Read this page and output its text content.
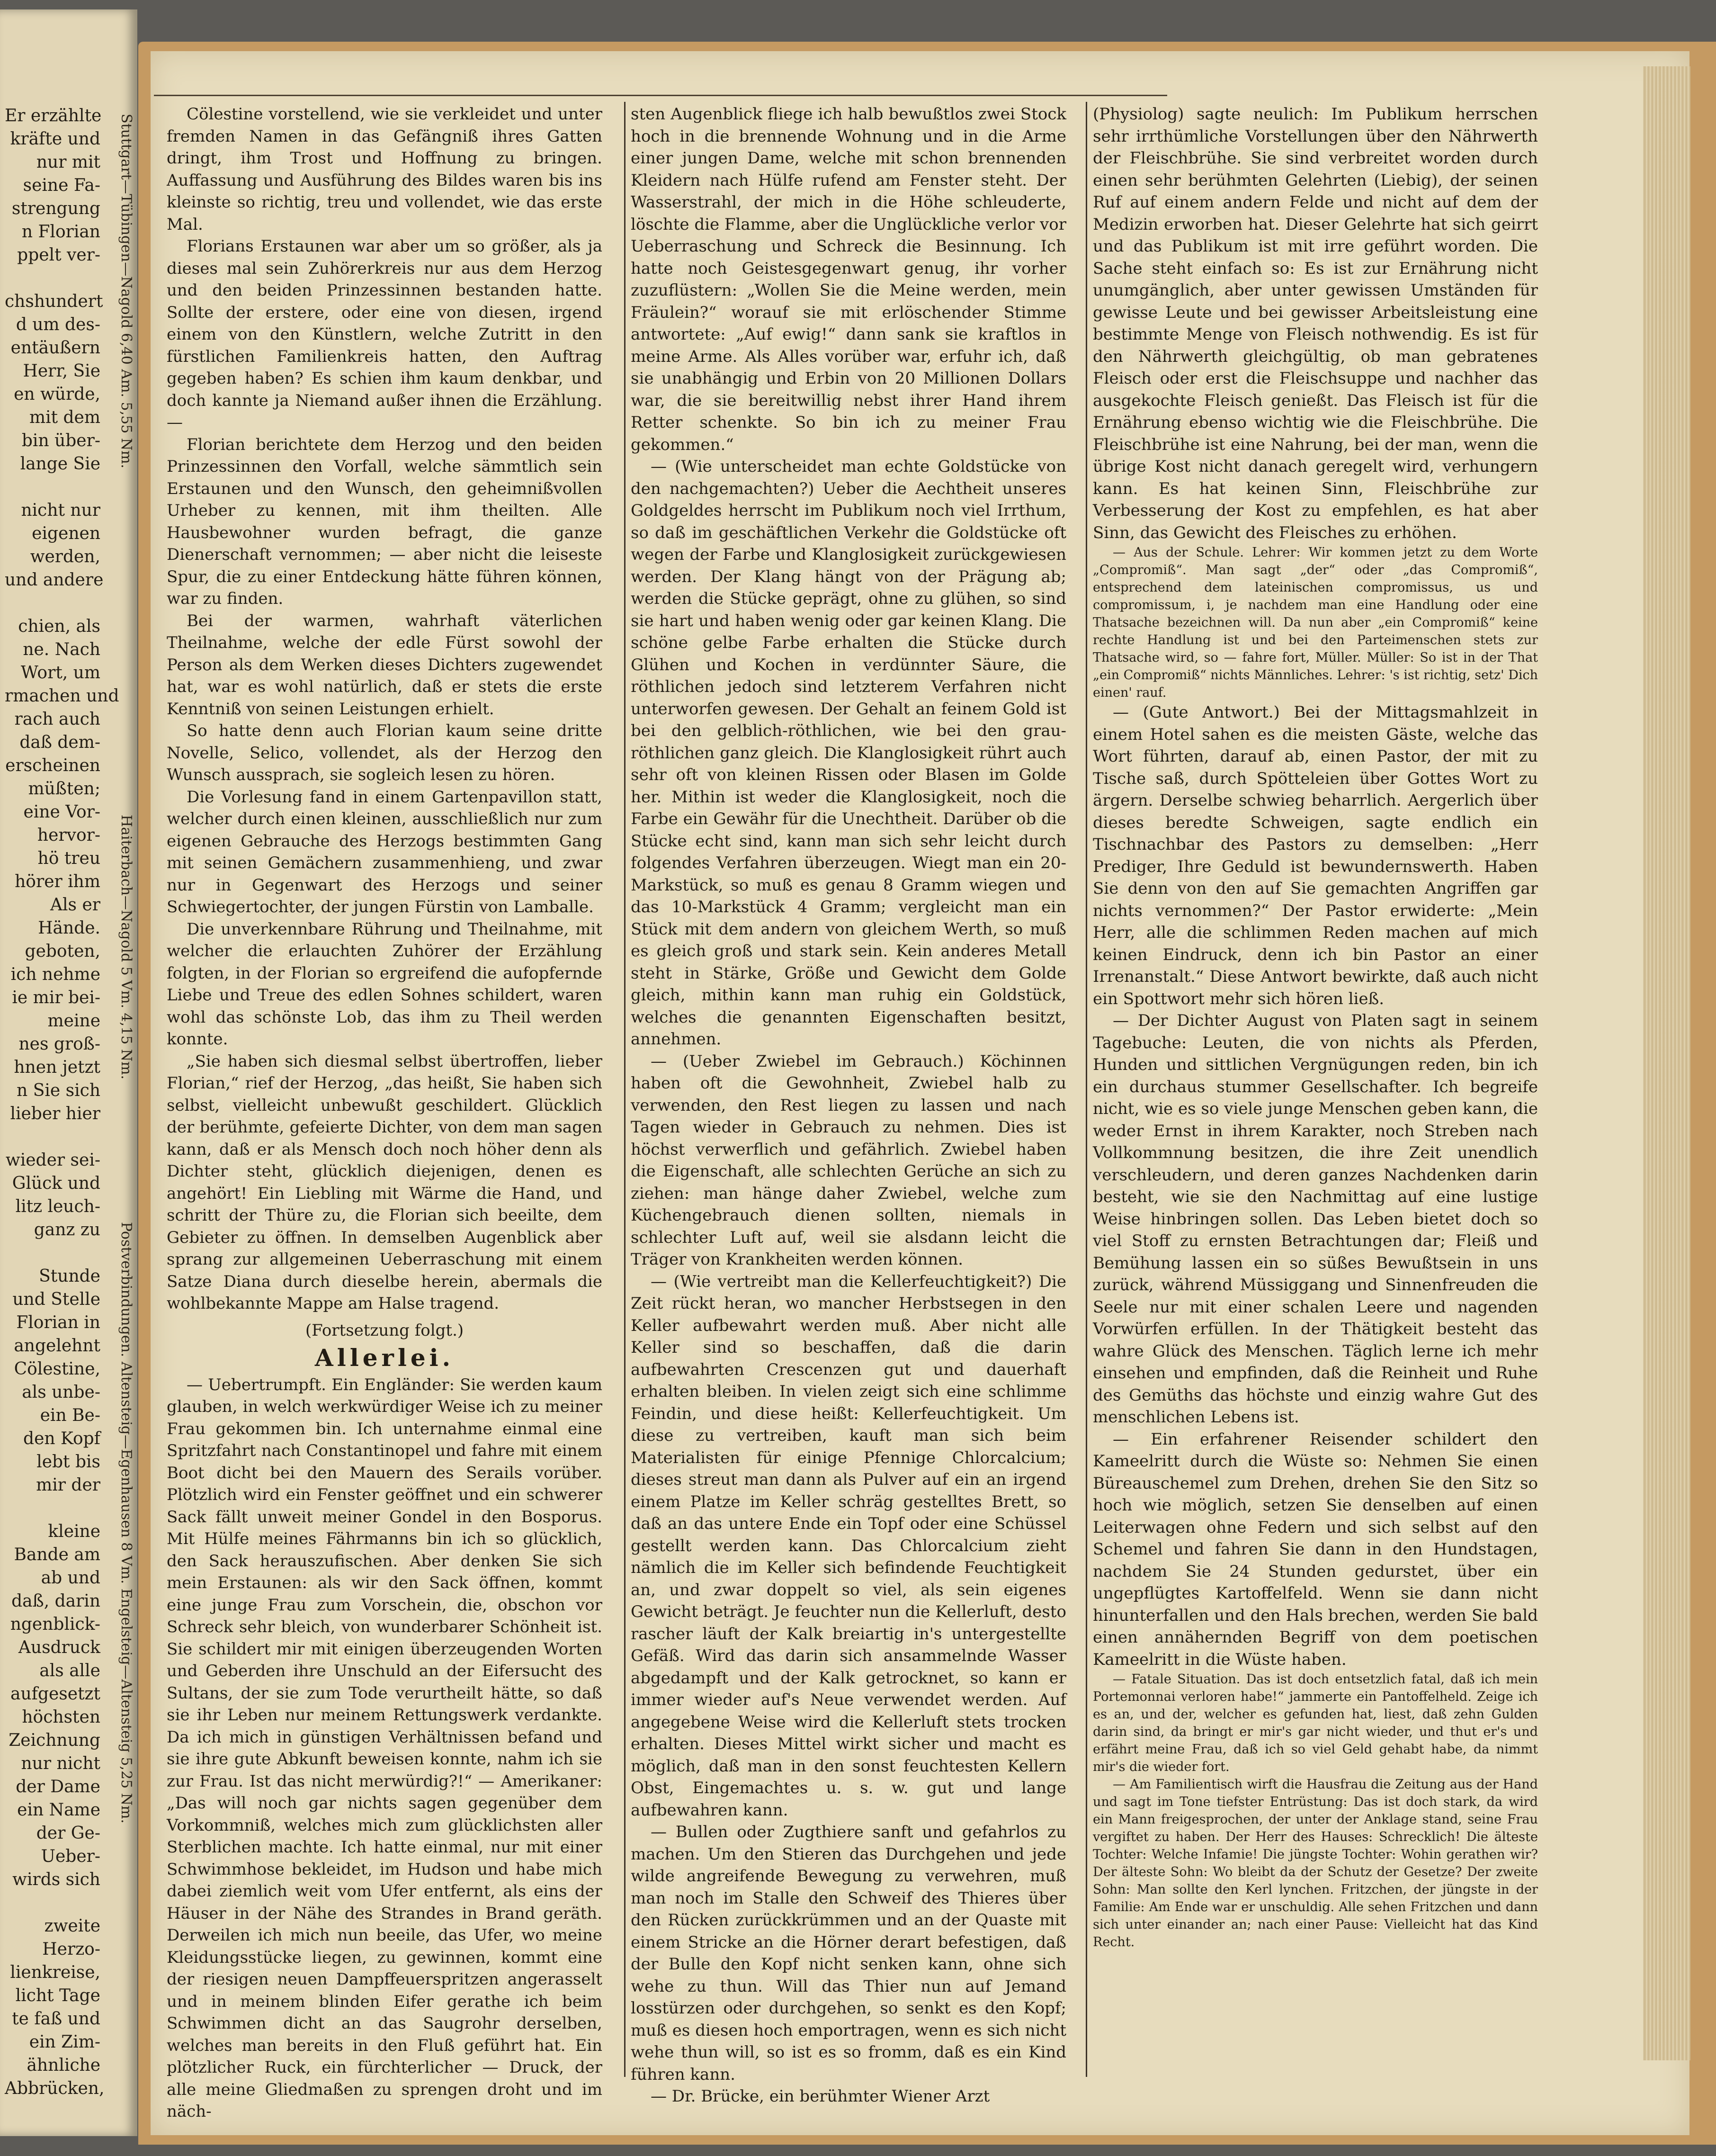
Er erzählte
kräfte und
nur mit
seine Fa-
strengung
n Florian
ppelt ver-
chshundert
d um des-
entäußern
Herr, Sie
en würde,
mit dem
bin über-
lange Sie
nicht nur
eigenen
werden,
und andere
chien, als
ne. Nach
Wort, um
rmachen und
rach auch
daß dem-
erscheinen
müßten;
eine Vor-
hervor-
hö treu
hörer ihm
Als er
Hände.
geboten,
ich nehme
ie mir bei-
meine
nes groß-
hnen jetzt
n Sie sich
lieber hier
wieder sei-
Glück und
litz leuch-
ganz zu
Stunde
und Stelle
Florian in
angelehnt
Cölestine,
als unbe-
ein Be-
den Kopf
lebt bis
mir der
kleine
Bande am
ab und
daß, darin
ngenblick-
Ausdruck
als alle
aufgesetzt
höchsten
Zeichnung
nur nicht
der Dame
ein Name
der Ge-
Ueber-
wirds sich
zweite
Herzo-
lienkreise,
licht Tage
te faß und
ein Zim-
ähnliche
Abbrücken,
Stuttgart—Tübingen—Nagold 6,40 Am. 5,55 Nm.
Haiterbach—Nagold 5 Vm. 4,15 Nm.
Postverbindungen. Altensteig—Egenhausen 8 Vm. Engelsteig—Altensteig 5,25 Nm.

Cölestine vorstellend, wie sie verkleidet und unter fremden Namen in das Gefängniß ihres Gatten dringt, ihm Trost und Hoffnung zu bringen. Auffassung und Ausführung des Bildes waren bis ins kleinste so richtig, treu und vollendet, wie das erste Mal.

Florians Erstaunen war aber um so größer, als ja dieses mal sein Zuhörerkreis nur aus dem Herzog und den beiden Prinzessinnen bestanden hatte. Sollte der erstere, oder eine von diesen, irgend einem von den Künstlern, welche Zutritt in den fürstlichen Familienkreis hatten, den Auftrag gegeben haben? Es schien ihm kaum denkbar, und doch kannte ja Niemand außer ihnen die Erzählung. —

Florian berichtete dem Herzog und den beiden Prinzessinnen den Vorfall, welche sämmtlich sein Erstaunen und den Wunsch, den geheimnißvollen Urheber zu kennen, mit ihm theilten. Alle Hausbewohner wurden befragt, die ganze Dienerschaft vernommen; — aber nicht die leiseste Spur, die zu einer Entdeckung hätte führen können, war zu finden.

Bei der warmen, wahrhaft väterlichen Theilnahme, welche der edle Fürst sowohl der Person als dem Werken dieses Dichters zugewendet hat, war es wohl natürlich, daß er stets die erste Kenntniß von seinen Leistungen erhielt.

So hatte denn auch Florian kaum seine dritte Novelle, Selico, vollendet, als der Herzog den Wunsch aussprach, sie sogleich lesen zu hören.

Die Vorlesung fand in einem Gartenpavillon statt, welcher durch einen kleinen, ausschließlich nur zum eigenen Gebrauche des Herzogs bestimmten Gang mit seinen Gemächern zusammenhieng, und zwar nur in Gegenwart des Herzogs und seiner Schwiegertochter, der jungen Fürstin von Lamballe.

Die unverkennbare Rührung und Theilnahme, mit welcher die erlauchten Zuhörer der Erzählung folgten, in der Florian so ergreifend die aufopfernde Liebe und Treue des edlen Sohnes schildert, waren wohl das schönste Lob, das ihm zu Theil werden konnte.

„Sie haben sich diesmal selbst übertroffen, lieber Florian,“ rief der Herzog, „das heißt, Sie haben sich selbst, vielleicht unbewußt geschildert. Glücklich der berühmte, gefeierte Dichter, von dem man sagen kann, daß er als Mensch doch noch höher denn als Dichter steht, glücklich diejenigen, denen es angehört! Ein Liebling mit Wärme die Hand, und schritt der Thüre zu, die Florian sich beeilte, dem Gebieter zu öffnen. In demselben Augenblick aber sprang zur allgemeinen Ueberraschung mit einem Satze Diana durch dieselbe herein, abermals die wohlbekannte Mappe am Halse tragend.

(Fortsetzung folgt.)

Allerlei.

— Uebertrumpft. Ein Engländer: Sie werden kaum glauben, in welch werkwürdiger Weise ich zu meiner Frau gekommen bin. Ich unternahme einmal eine Spritzfahrt nach Constantinopel und fahre mit einem Boot dicht bei den Mauern des Serails vorüber. Plötzlich wird ein Fenster geöffnet und ein schwerer Sack fällt unweit meiner Gondel in den Bosporus. Mit Hülfe meines Fährmanns bin ich so glücklich, den Sack herauszufischen. Aber denken Sie sich mein Erstaunen: als wir den Sack öffnen, kommt eine junge Frau zum Vorschein, die, obschon vor Schreck sehr bleich, von wunderbarer Schönheit ist. Sie schildert mir mit einigen überzeugenden Worten und Geberden ihre Unschuld an der Eifersucht des Sultans, der sie zum Tode verurtheilt hätte, so daß sie ihr Leben nur meinem Rettungswerk verdankte. Da ich mich in günstigen Verhältnissen befand und sie ihre gute Abkunft beweisen konnte, nahm ich sie zur Frau. Ist das nicht merwürdig?!“ — Amerikaner: „Das will noch gar nichts sagen gegenüber dem Vorkommniß, welches mich zum glücklichsten aller Sterblichen machte. Ich hatte einmal, nur mit einer Schwimmhose bekleidet, im Hudson und habe mich dabei ziemlich weit vom Ufer entfernt, als eins der Häuser in der Nähe des Strandes in Brand geräth. Derweilen ich mich nun beeile, das Ufer, wo meine Kleidungsstücke liegen, zu gewinnen, kommt eine der riesigen neuen Dampffeuerspritzen angerasselt und in meinem blinden Eifer gerathe ich beim Schwimmen dicht an das Saugrohr derselben, welches man bereits in den Fluß geführt hat. Ein plötzlicher Ruck, ein fürchterlicher — Druck, der alle meine Gliedmaßen zu sprengen droht und im näch-

sten Augenblick fliege ich halb bewußtlos zwei Stock hoch in die brennende Wohnung und in die Arme einer jungen Dame, welche mit schon brennenden Kleidern nach Hülfe rufend am Fenster steht. Der Wasserstrahl, der mich in die Höhe schleuderte, löschte die Flamme, aber die Unglückliche verlor vor Ueberraschung und Schreck die Besinnung. Ich hatte noch Geistesgegenwart genug, ihr vorher zuzuflüstern: „Wollen Sie die Meine werden, mein Fräulein?“ worauf sie mit erlöschender Stimme antwortete: „Auf ewig!“ dann sank sie kraftlos in meine Arme. Als Alles vorüber war, erfuhr ich, daß sie unabhängig und Erbin von 20 Millionen Dollars war, die sie bereitwillig nebst ihrer Hand ihrem Retter schenkte. So bin ich zu meiner Frau gekommen.“

— (Wie unterscheidet man echte Goldstücke von den nachgemachten?) Ueber die Aechtheit unseres Goldgeldes herrscht im Publikum noch viel Irrthum, so daß im geschäftlichen Verkehr die Goldstücke oft wegen der Farbe und Klanglosigkeit zurückgewiesen werden. Der Klang hängt von der Prägung ab; werden die Stücke geprägt, ohne zu glühen, so sind sie hart und haben wenig oder gar keinen Klang. Die schöne gelbe Farbe erhalten die Stücke durch Glühen und Kochen in verdünnter Säure, die röthlichen jedoch sind letzterem Verfahren nicht unterworfen gewesen. Der Gehalt an feinem Gold ist bei den gelblich-röthlichen, wie bei den grau-röthlichen ganz gleich. Die Klanglosigkeit rührt auch sehr oft von kleinen Rissen oder Blasen im Golde her. Mithin ist weder die Klanglosigkeit, noch die Farbe ein Gewähr für die Unechtheit. Darüber ob die Stücke echt sind, kann man sich sehr leicht durch folgendes Verfahren überzeugen. Wiegt man ein 20-Markstück, so muß es genau 8 Gramm wiegen und das 10-Markstück 4 Gramm; vergleicht man ein Stück mit dem andern von gleichem Werth, so muß es gleich groß und stark sein. Kein anderes Metall steht in Stärke, Größe und Gewicht dem Golde gleich, mithin kann man ruhig ein Goldstück, welches die genannten Eigenschaften besitzt, annehmen.

— (Ueber Zwiebel im Gebrauch.) Köchinnen haben oft die Gewohnheit, Zwiebel halb zu verwenden, den Rest liegen zu lassen und nach Tagen wieder in Gebrauch zu nehmen. Dies ist höchst verwerflich und gefährlich. Zwiebel haben die Eigenschaft, alle schlechten Gerüche an sich zu ziehen: man hänge daher Zwiebel, welche zum Küchengebrauch dienen sollten, niemals in schlechter Luft auf, weil sie alsdann leicht die Träger von Krankheiten werden können.

— (Wie vertreibt man die Kellerfeuchtigkeit?) Die Zeit rückt heran, wo mancher Herbstsegen in den Keller aufbewahrt werden muß. Aber nicht alle Keller sind so beschaffen, daß die darin aufbewahrten Crescenzen gut und dauerhaft erhalten bleiben. In vielen zeigt sich eine schlimme Feindin, und diese heißt: Kellerfeuchtigkeit. Um diese zu vertreiben, kauft man sich beim Materialisten für einige Pfennige Chlorcalcium; dieses streut man dann als Pulver auf ein an irgend einem Platze im Keller schräg gestelltes Brett, so daß an das untere Ende ein Topf oder eine Schüssel gestellt werden kann. Das Chlorcalcium zieht nämlich die im Keller sich befindende Feuchtigkeit an, und zwar doppelt so viel, als sein eigenes Gewicht beträgt. Je feuchter nun die Kellerluft, desto rascher läuft der Kalk breiartig in's untergestellte Gefäß. Wird das darin sich ansammelnde Wasser abgedampft und der Kalk getrocknet, so kann er immer wieder auf's Neue verwendet werden. Auf angegebene Weise wird die Kellerluft stets trocken erhalten. Dieses Mittel wirkt sicher und macht es möglich, daß man in den sonst feuchtesten Kellern Obst, Eingemachtes u. s. w. gut und lange aufbewahren kann.

— Bullen oder Zugthiere sanft und gefahrlos zu machen. Um den Stieren das Durchgehen und jede wilde angreifende Bewegung zu verwehren, muß man noch im Stalle den Schweif des Thieres über den Rücken zurückkrümmen und an der Quaste mit einem Stricke an die Hörner derart befestigen, daß der Bulle den Kopf nicht senken kann, ohne sich wehe zu thun. Will das Thier nun auf Jemand losstürzen oder durchgehen, so senkt es den Kopf; muß es diesen hoch emportragen, wenn es sich nicht wehe thun will, so ist es so fromm, daß es ein Kind führen kann.

— Dr. Brücke, ein berühmter Wiener Arzt

(Physiolog) sagte neulich: Im Publikum herrschen sehr irrthümliche Vorstellungen über den Nährwerth der Fleischbrühe. Sie sind verbreitet worden durch einen sehr berühmten Gelehrten (Liebig), der seinen Ruf auf einem andern Felde und nicht auf dem der Medizin erworben hat. Dieser Gelehrte hat sich geirrt und das Publikum ist mit irre geführt worden. Die Sache steht einfach so: Es ist zur Ernährung nicht unumgänglich, aber unter gewissen Umständen für gewisse Leute und bei gewisser Arbeitsleistung eine bestimmte Menge von Fleisch nothwendig. Es ist für den Nährwerth gleichgültig, ob man gebratenes Fleisch oder erst die Fleischsuppe und nachher das ausgekochte Fleisch genießt. Das Fleisch ist für die Ernährung ebenso wichtig wie die Fleischbrühe. Die Fleischbrühe ist eine Nahrung, bei der man, wenn die übrige Kost nicht danach geregelt wird, verhungern kann. Es hat keinen Sinn, Fleischbrühe zur Verbesserung der Kost zu empfehlen, es hat aber Sinn, das Gewicht des Fleisches zu erhöhen.

— Aus der Schule. Lehrer: Wir kommen jetzt zu dem Worte „Compromiß“. Man sagt „der“ oder „das Compromiß“, entsprechend dem lateinischen compromissus, us und compromissum, i, je nachdem man eine Handlung oder eine Thatsache bezeichnen will. Da nun aber „ein Compromiß“ keine rechte Handlung ist und bei den Parteimenschen stets zur Thatsache wird, so — fahre fort, Müller. Müller: So ist in der That „ein Compromiß“ nichts Männliches. Lehrer: 's ist richtig, setz' Dich einen' rauf.

— (Gute Antwort.) Bei der Mittagsmahlzeit in einem Hotel sahen es die meisten Gäste, welche das Wort führten, darauf ab, einen Pastor, der mit zu Tische saß, durch Spötteleien über Gottes Wort zu ärgern. Derselbe schwieg beharrlich. Aergerlich über dieses beredte Schweigen, sagte endlich ein Tischnachbar des Pastors zu demselben: „Herr Prediger, Ihre Geduld ist bewundernswerth. Haben Sie denn von den auf Sie gemachten Angriffen gar nichts vernommen?“ Der Pastor erwiderte: „Mein Herr, alle die schlimmen Reden machen auf mich keinen Eindruck, denn ich bin Pastor an einer Irrenanstalt.“ Diese Antwort bewirkte, daß auch nicht ein Spottwort mehr sich hören ließ.

— Der Dichter August von Platen sagt in seinem Tagebuche: Leuten, die von nichts als Pferden, Hunden und sittlichen Vergnügungen reden, bin ich ein durchaus stummer Gesellschafter. Ich begreife nicht, wie es so viele junge Menschen geben kann, die weder Ernst in ihrem Karakter, noch Streben nach Vollkommnung besitzen, die ihre Zeit unendlich verschleudern, und deren ganzes Nachdenken darin besteht, wie sie den Nachmittag auf eine lustige Weise hinbringen sollen. Das Leben bietet doch so viel Stoff zu ernsten Betrachtungen dar; Fleiß und Bemühung lassen ein so süßes Bewußtsein in uns zurück, während Müssiggang und Sinnenfreuden die Seele nur mit einer schalen Leere und nagenden Vorwürfen erfüllen. In der Thätigkeit besteht das wahre Glück des Menschen. Täglich lerne ich mehr einsehen und empfinden, daß die Reinheit und Ruhe des Gemüths das höchste und einzig wahre Gut des menschlichen Lebens ist.

— Ein erfahrener Reisender schildert den Kameelritt durch die Wüste so: Nehmen Sie einen Büreauschemel zum Drehen, drehen Sie den Sitz so hoch wie möglich, setzen Sie denselben auf einen Leiterwagen ohne Federn und sich selbst auf den Schemel und fahren Sie dann in den Hundstagen, nachdem Sie 24 Stunden gedurstet, über ein ungepflügtes Kartoffelfeld. Wenn sie dann nicht hinunterfallen und den Hals brechen, werden Sie bald einen annähernden Begriff von dem poetischen Kameelritt in die Wüste haben.

— Fatale Situation. Das ist doch entsetzlich fatal, daß ich mein Portemonnai verloren habe!“ jammerte ein Pantoffelheld. Zeige ich es an, und der, welcher es gefunden hat, liest, daß zehn Gulden darin sind, da bringt er mir's gar nicht wieder, und thut er's und erfährt meine Frau, daß ich so viel Geld gehabt habe, da nimmt mir's die wieder fort.

— Am Familientisch wirft die Hausfrau die Zeitung aus der Hand und sagt im Tone tiefster Entrüstung: Das ist doch stark, da wird ein Mann freigesprochen, der unter der Anklage stand, seine Frau vergiftet zu haben. Der Herr des Hauses: Schrecklich! Die älteste Tochter: Welche Infamie! Die jüngste Tochter: Wohin gerathen wir? Der älteste Sohn: Wo bleibt da der Schutz der Gesetze? Der zweite Sohn: Man sollte den Kerl lynchen. Fritzchen, der jüngste in der Familie: Am Ende war er unschuldig. Alle sehen Fritzchen und dann sich unter einander an; nach einer Pause: Vielleicht hat das Kind Recht.
